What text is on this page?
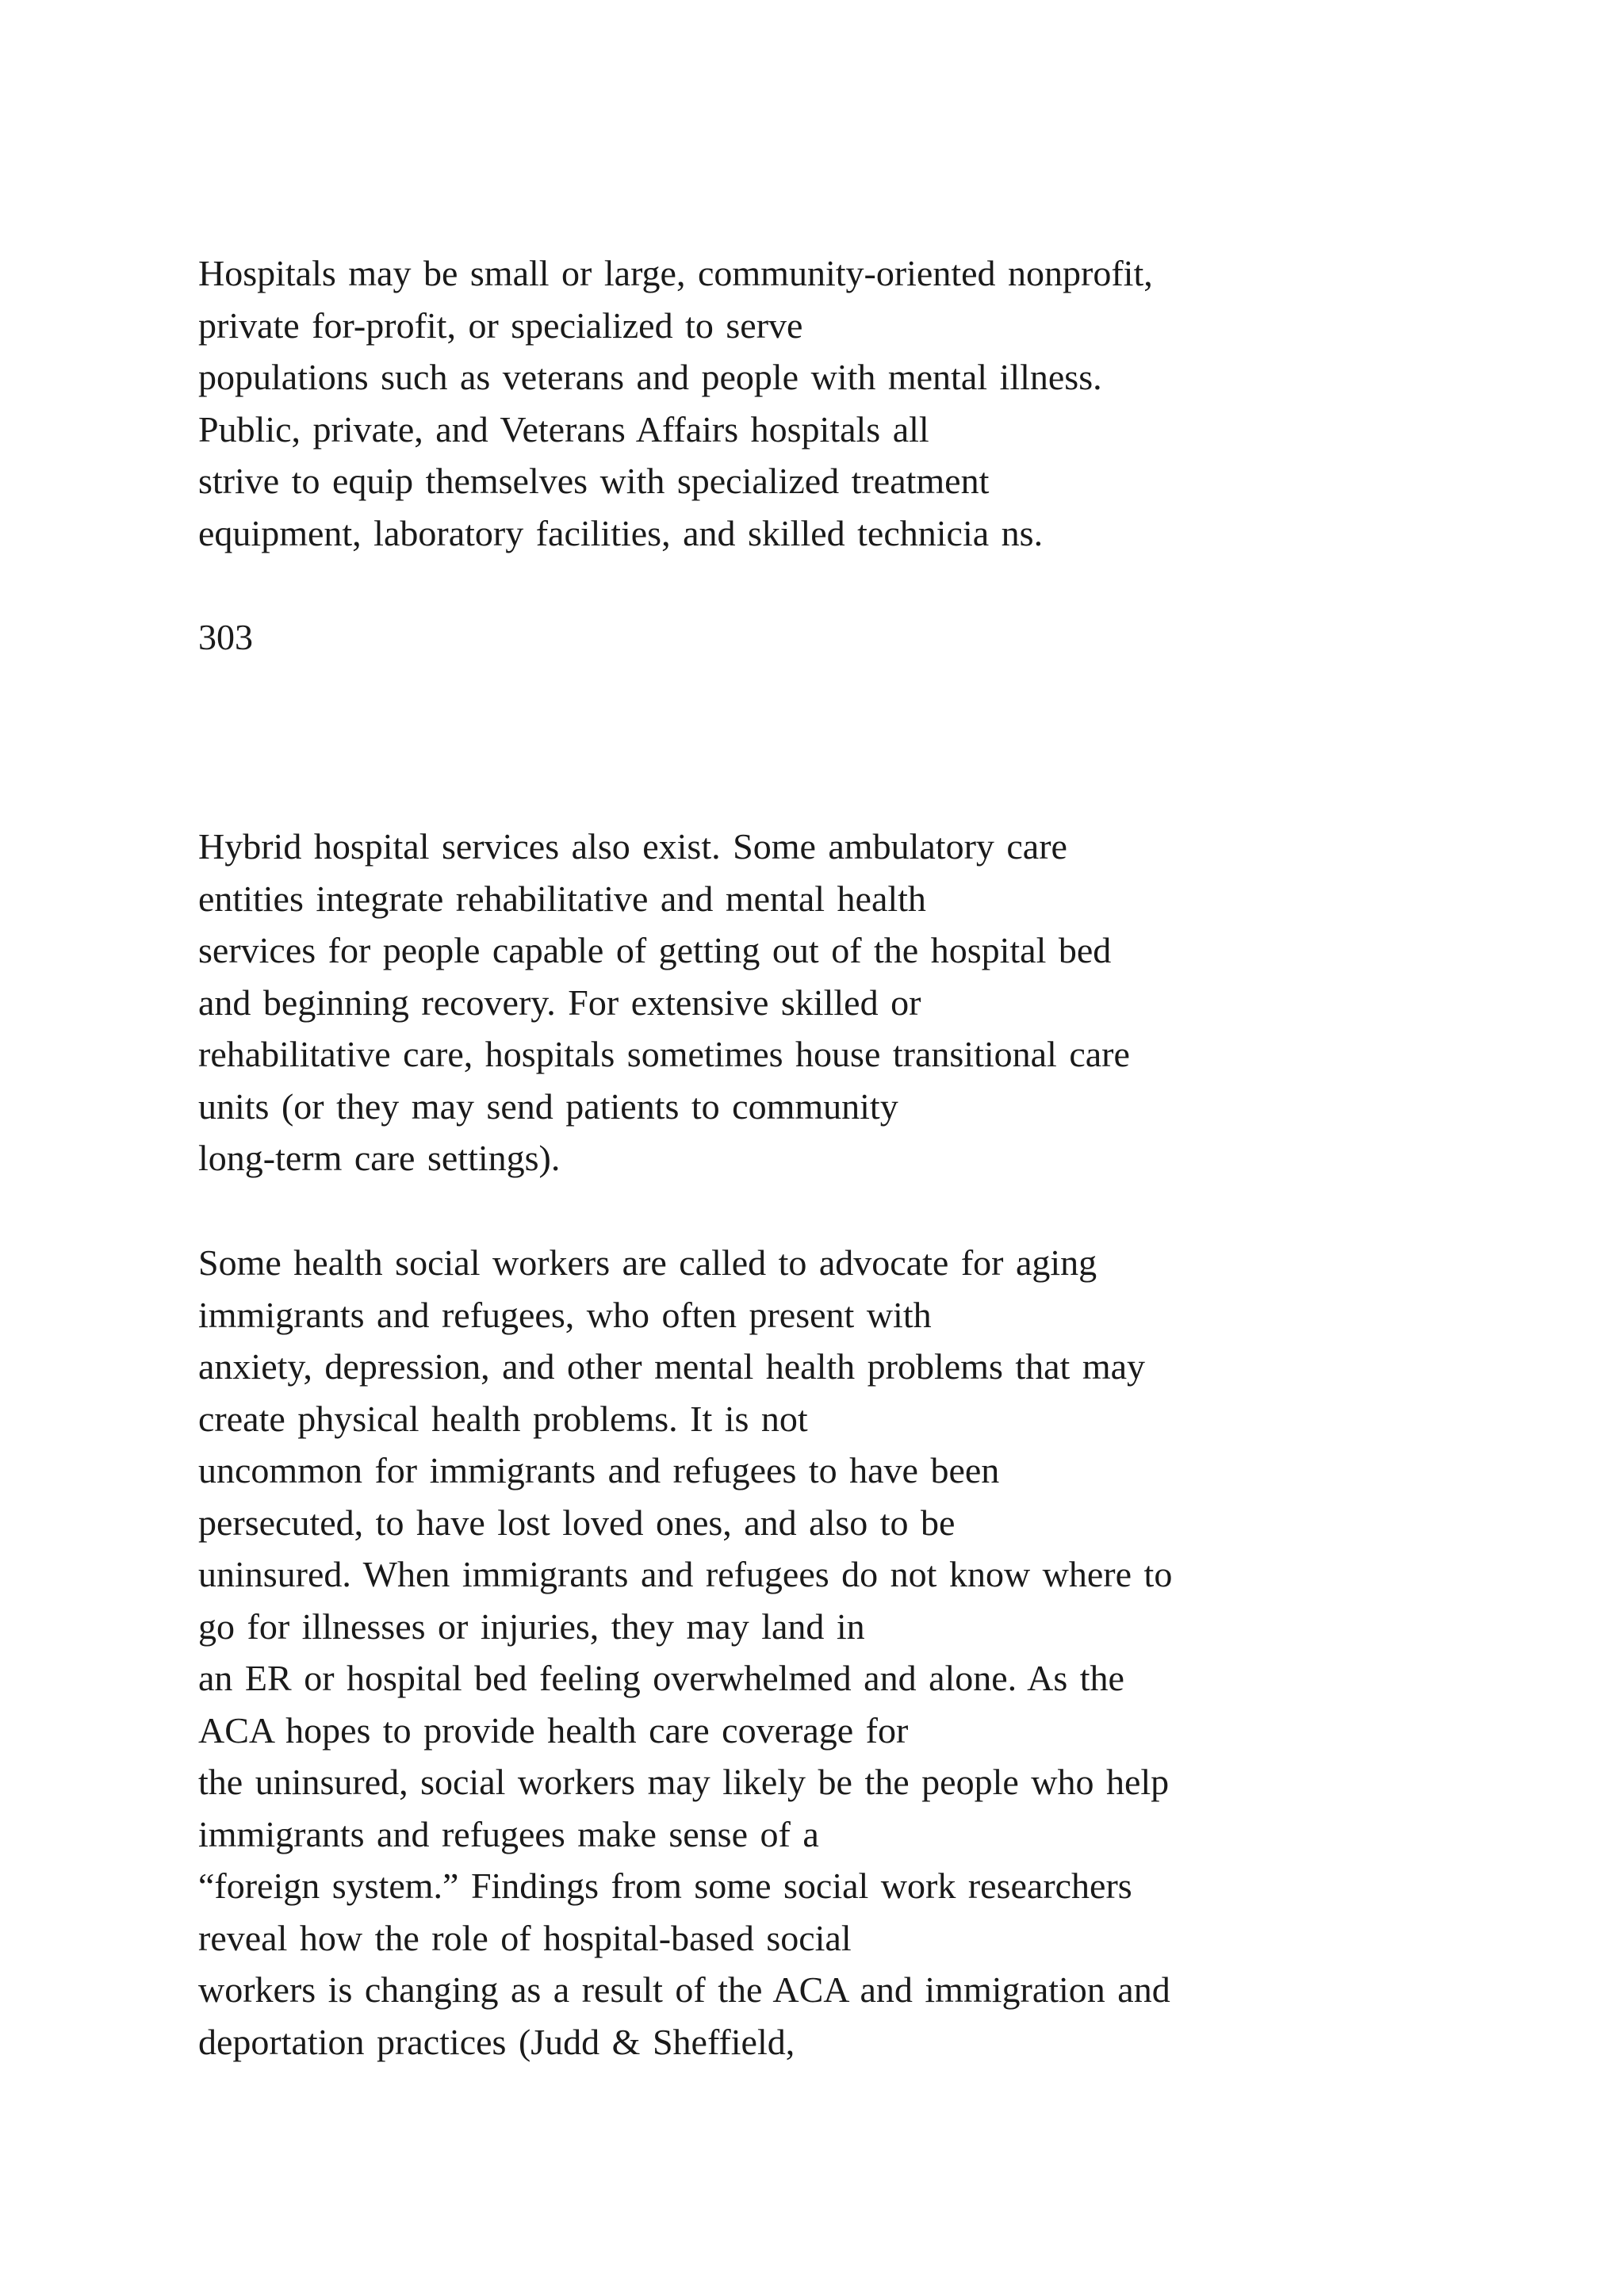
Hospitals may be small or large, community-oriented nonprofit,
private for-profit, or specialized to serve
populations such as veterans and people with mental illness.
Public, private, and Veterans Affairs hospitals all
strive to equip themselves with specialized treatment
equipment, laboratory facilities, and skilled technicia ns.

303

Hybrid hospital services also exist. Some ambulatory care
entities integrate rehabilitative and mental health
services for people capable of getting out of the hospital bed
and beginning recovery. For extensive skilled or
rehabilitative care, hospitals sometimes house transitional care
units (or they may send patients to community
long-term care settings).

Some health social workers are called to advocate for aging
immigrants and refugees, who often present with
anxiety, depression, and other mental health problems that may
create physical health problems. It is not
uncommon for immigrants and refugees to have been
persecuted, to have lost loved ones, and also to be
uninsured. When immigrants and refugees do not know where to
go for illnesses or injuries, they may land in
an ER or hospital bed feeling overwhelmed and alone. As the
ACA hopes to provide health care coverage for
the uninsured, social workers may likely be the people who help
immigrants and refugees make sense of a
“foreign system.” Findings from some social work researchers
reveal how the role of hospital-based social
workers is changing as a result of the ACA and immigration and
deportation practices (Judd & Sheffield,
